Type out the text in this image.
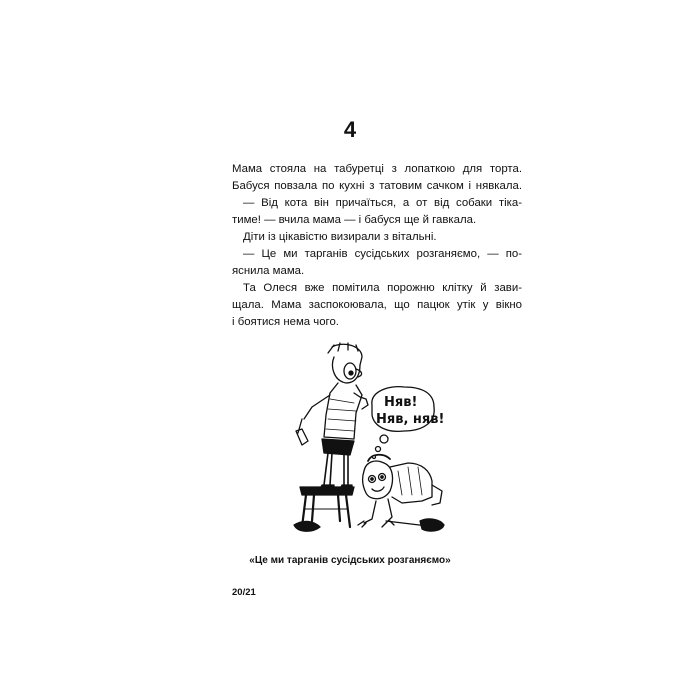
4
Мама стояла на табуретці з лопаткою для торта.
Бабуся повзала по кухні з татовим сачком і нявкала.
— Від кота він причаїться, а от від собаки тіка-
тиме! — вчила мама — і бабуся ще й гавкала.
Діти із цікавістю визирали з вітальні.
— Це ми тарганів сусідських розганяємо, — по-
яснила мама.
Та Олеся вже помітила порожню клітку й зави-
щала. Мама заспокоювала, що пацюк утік у вікно
і боятися нема чого.
Няв!
Няв, няв!
«Це ми тарганів сусідських розганяємо»
20/21
